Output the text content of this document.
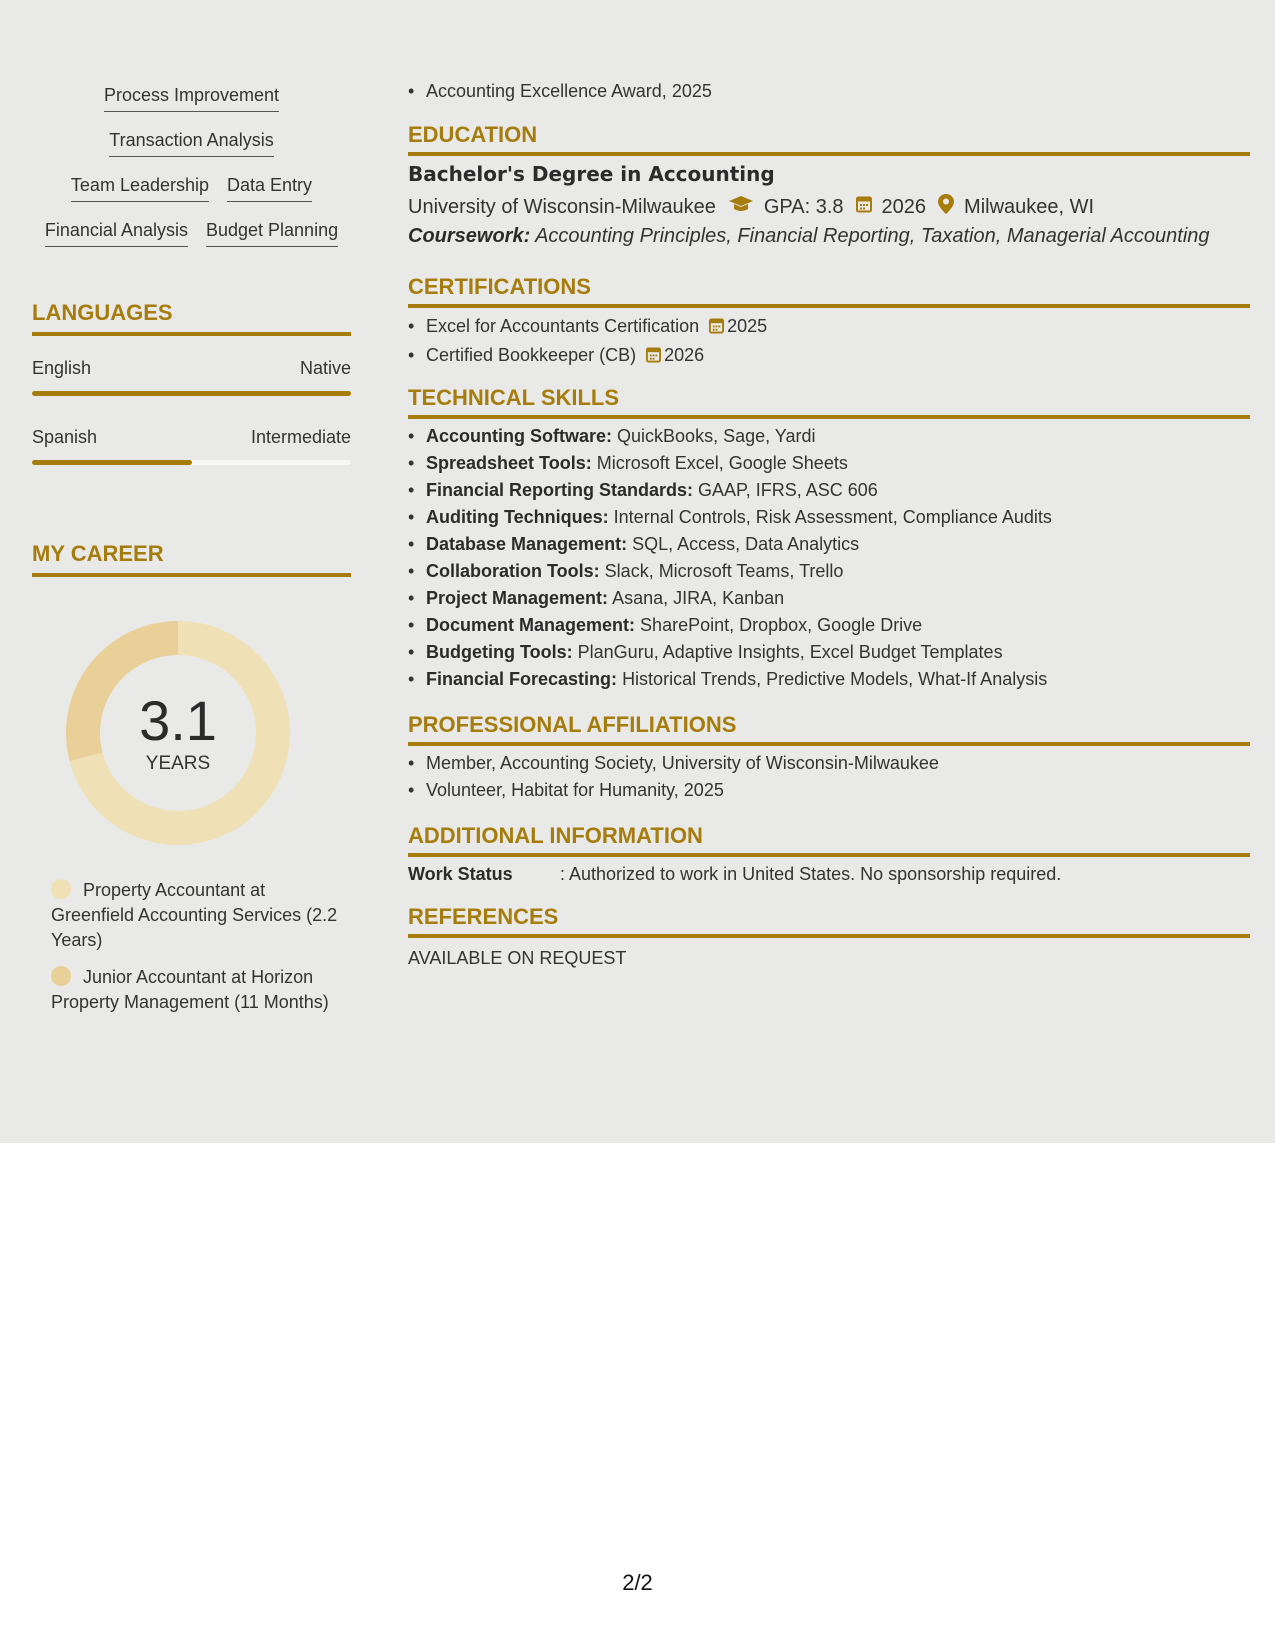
Process Improvement
Transaction Analysis
Team Leadership Data Entry
Financial Analysis Budget Planning
LANGUAGES
English	Native
Spanish	Intermediate
MY CAREER
3.1
YEARS
Property Accountant at Greenfield Accounting Services (2.2 Years)
Junior Accountant at Horizon Property Management (11 Months)
• Accounting Excellence Award, 2025
EDUCATION
Bachelor's Degree in Accounting
University of Wisconsin-Milwaukee GPA: 3.8 2026 Milwaukee, WI
Coursework: Accounting Principles, Financial Reporting, Taxation, Managerial Accounting
CERTIFICATIONS
• Excel for Accountants Certification 2025
• Certified Bookkeeper (CB) 2026
TECHNICAL SKILLS
• Accounting Software: QuickBooks, Sage, Yardi
• Spreadsheet Tools: Microsoft Excel, Google Sheets
• Financial Reporting Standards: GAAP, IFRS, ASC 606
• Auditing Techniques: Internal Controls, Risk Assessment, Compliance Audits
• Database Management: SQL, Access, Data Analytics
• Collaboration Tools: Slack, Microsoft Teams, Trello
• Project Management: Asana, JIRA, Kanban
• Document Management: SharePoint, Dropbox, Google Drive
• Budgeting Tools: PlanGuru, Adaptive Insights, Excel Budget Templates
• Financial Forecasting: Historical Trends, Predictive Models, What-If Analysis
PROFESSIONAL AFFILIATIONS
• Member, Accounting Society, University of Wisconsin-Milwaukee
• Volunteer, Habitat for Humanity, 2025
ADDITIONAL INFORMATION
Work Status	: Authorized to work in United States. No sponsorship required.
REFERENCES
AVAILABLE ON REQUEST
2/2
